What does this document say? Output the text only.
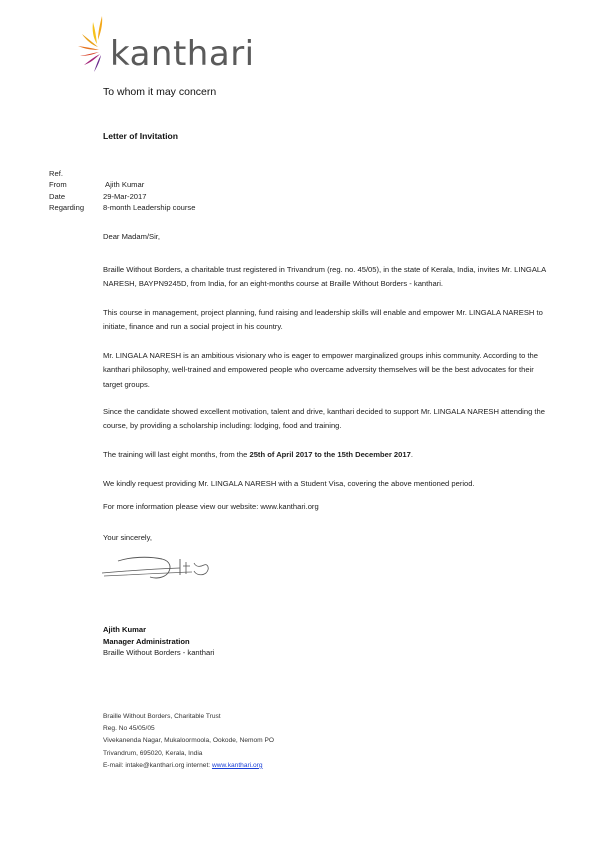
kanthari
To whom it may concern
Letter of Invitation
Ref.
From	Ajith Kumar
Date	29-Mar-2017
Regarding	8-month Leadership course
Dear Madam/Sir,
Braille Without Borders, a charitable trust registered in Trivandrum (reg. no. 45/05), in the state of Kerala, India, invites Mr. LINGALA NARESH, BAYPN9245D, from India, for an eight-months course at Braille Without Borders - kanthari.
This course in management, project planning, fund raising and leadership skills will enable and empower Mr. LINGALA NARESH to initiate, finance and run a social project in his country.
Mr. LINGALA NARESH is an ambitious visionary who is eager to empower marginalized groups inhis community. According to the kanthari philosophy, well-trained and empowered people who overcame adversity themselves will be the best advocates for their target groups.
Since the candidate showed excellent motivation, talent and drive, kanthari decided to support Mr. LINGALA NARESH attending the course, by providing a scholarship including: lodging, food and training.
The training will last eight months, from the 25th of April 2017 to the 15th December 2017.
We kindly request providing Mr. LINGALA NARESH with a Student Visa, covering the above mentioned period.
For more information please view our website: www.kanthari.org
Your sincerely,
Ajith Kumar
Manager Administration
Braille Without Borders - kanthari
Braille Without Borders, Charitable Trust
Reg. No 45/05/05
Vivekanenda Nagar, Mukaloormoola, Ookode, Nemom PO
Trivandrum, 695020, Kerala, India
E-mail: intake@kanthari.org internet: www.kanthari.org
